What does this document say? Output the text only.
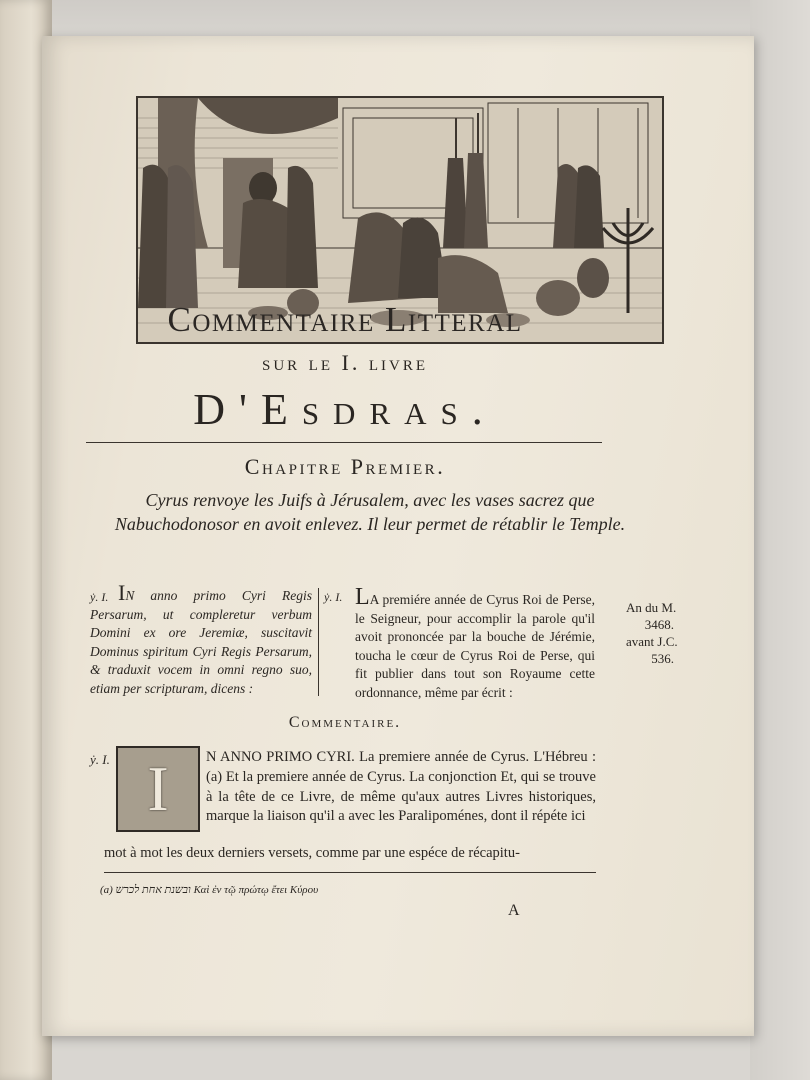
Commentaire Litteral
sur le I. livre
D'Esdras.
Chapitre Premier.
Cyrus renvoye les Juifs à Jérusalem, avec les vases sacrez que Nabuchodonosor en avoit enlevez. Il leur permet de rétablir le Temple.
ẏ. I. IN anno primo Cyri Regis Persarum, ut compleretur verbum Domini ex ore Jeremiæ, suscitavit Dominus spiritum Cyri Regis Persarum, & traduxit vocem in omni regno suo, etiam per scripturam, dicens :
ẏ. I. LA premiére année de Cyrus Roi de Perse, le Seigneur, pour accomplir la parole qu'il avoit prononcée par la bouche de Jérémie, toucha le cœur de Cyrus Roi de Perse, qui fit publier dans tout son Royaume cette ordonnance, même par écrit :
An du M.
3468.
avant J.C.
536.
Commentaire.
ẏ. I. I	N ANNO PRIMO CYRI. La premiere année de Cyrus. L'Hébreu : (a) Et la premiere année de Cyrus. La conjonction Et, qui se trouve à la tête de ce Livre, de même qu'aux autres Livres historiques, marque la liaison qu'il a avec les Paralipoménes, dont il répéte ici
mot à mot les deux derniers versets, comme par une espéce de récapitu-
(a) ובשנת אחת לכרש Καὶ ἐν τῷ πρώτῳ ἔτει Κύρου
A
